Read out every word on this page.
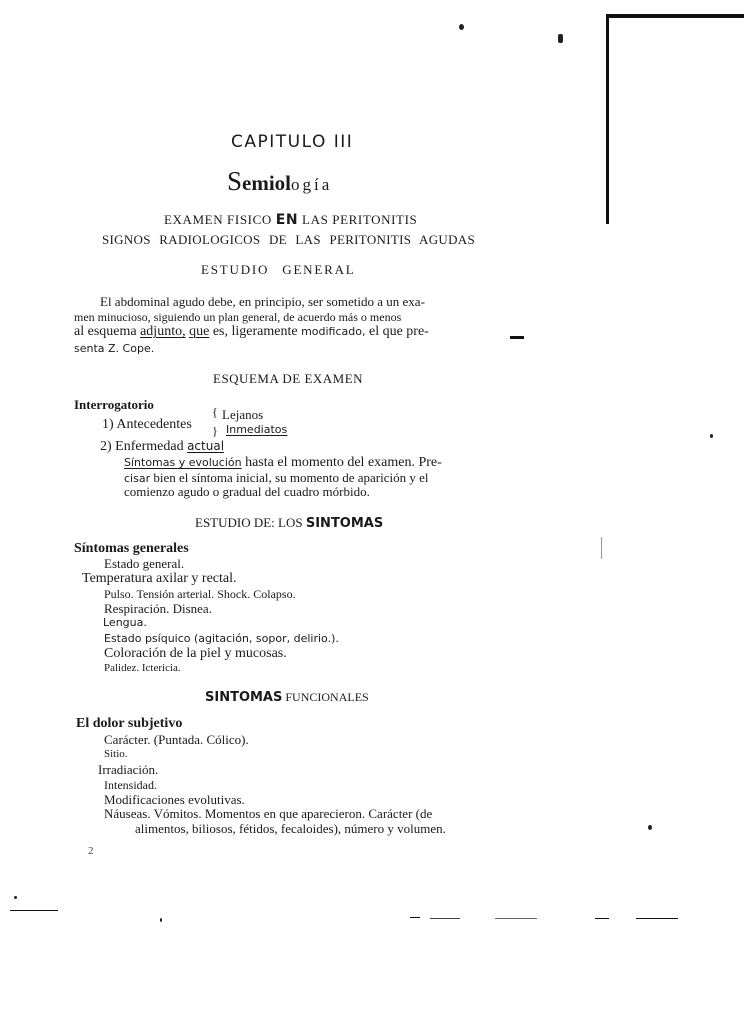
CAPITULO III
Semiología
EXAMEN FISICO EN LAS PERITONITIS
SIGNOS RADIOLOGICOS DE LAS PERITONITIS AGUDAS
ESTUDIO GENERAL
El abdominal agudo debe, en principio, ser sometido a un exa-
men minucioso, siguiendo un plan general, de acuerdo más o menos
al esquema adjunto, que es, ligeramente modificado, el que pre-
senta Z. Cope.
ESQUEMA DE EXAMEN
Interrogatorio
1) Antecedentes
{
}
Lejanos
Inmediatos
2) Enfermedad actual
Síntomas y evolución hasta el momento del examen. Pre-
cisar bien el síntoma inicial, su momento de aparición y el
comienzo agudo o gradual del cuadro mórbido.
ESTUDIO DE: LOS SINTOMAS
Síntomas generales
Estado general.
Temperatura axilar y rectal.
Pulso. Tensión arterial. Shock. Colapso.
Respiración. Disnea.
Lengua.
Estado psíquico (agitación, sopor, delirio.).
Coloración de la piel y mucosas.
Palidez. Ictericia.
SINTOMAS FUNCIONALES
El dolor subjetivo
Carácter. (Puntada. Cólico).
Sitio.
Irradiación.
Intensidad.
Modificaciones evolutivas.
Náuseas. Vómitos. Momentos en que aparecieron. Carácter (de
alimentos, biliosos, fétidos, fecaloides), número y volumen.
2
